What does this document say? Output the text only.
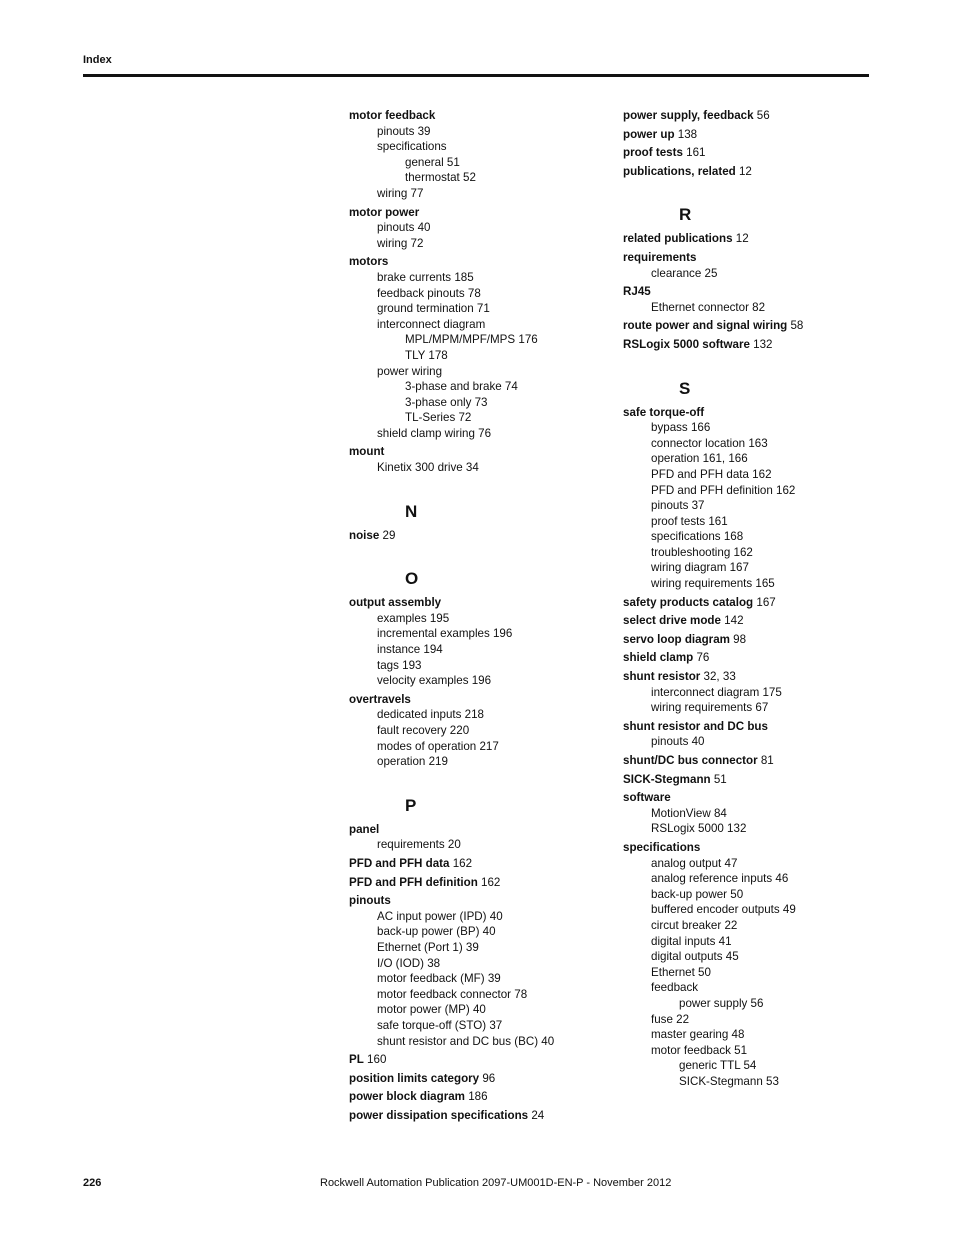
Index
motor feedback
pinouts 39
specifications
general 51
thermostat 52
wiring 77
motor power
pinouts 40
wiring 72
motors
brake currents 185
feedback pinouts 78
ground termination 71
interconnect diagram
MPL/MPM/MPF/MPS 176
TLY 178
power wiring
3-phase and brake 74
3-phase only 73
TL-Series 72
shield clamp wiring 76
mount
Kinetix 300 drive 34
N
noise 29
O
output assembly
examples 195
incremental examples 196
instance 194
tags 193
velocity examples 196
overtravels
dedicated inputs 218
fault recovery 220
modes of operation 217
operation 219
P
panel
requirements 20
PFD and PFH data 162
PFD and PFH definition 162
pinouts
AC input power (IPD) 40
back-up power (BP) 40
Ethernet (Port 1) 39
I/O (IOD) 38
motor feedback (MF) 39
motor feedback connector 78
motor power (MP) 40
safe torque-off (STO) 37
shunt resistor and DC bus (BC) 40
PL 160
position limits category 96
power block diagram 186
power dissipation specifications 24
power supply, feedback 56
power up 138
proof tests 161
publications, related 12
R
related publications 12
requirements
clearance 25
RJ45
Ethernet connector 82
route power and signal wiring 58
RSLogix 5000 software 132
S
safe torque-off
bypass 166
connector location 163
operation 161, 166
PFD and PFH data 162
PFD and PFH definition 162
pinouts 37
proof tests 161
specifications 168
troubleshooting 162
wiring diagram 167
wiring requirements 165
safety products catalog 167
select drive mode 142
servo loop diagram 98
shield clamp 76
shunt resistor 32, 33
interconnect diagram 175
wiring requirements 67
shunt resistor and DC bus
pinouts 40
shunt/DC bus connector 81
SICK-Stegmann 51
software
MotionView 84
RSLogix 5000 132
specifications
analog output 47
analog reference inputs 46
back-up power 50
buffered encoder outputs 49
circut breaker 22
digital inputs 41
digital outputs 45
Ethernet 50
feedback
power supply 56
fuse 22
master gearing 48
motor feedback 51
generic TTL 54
SICK-Stegmann 53
226	Rockwell Automation Publication 2097-UM001D-EN-P - November 2012
